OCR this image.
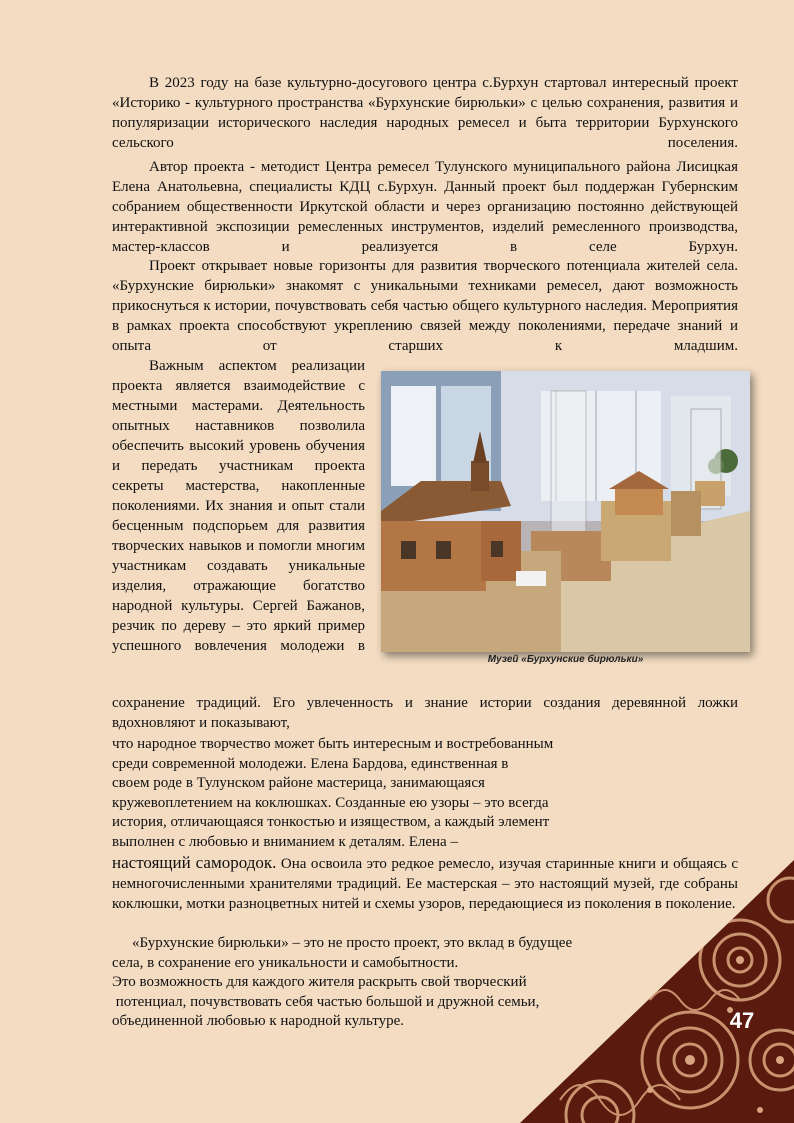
В 2023 году на базе культурно-досугового центра с.Бурхун стартовал интересный проект «Историко - культурного пространства «Бурхунские бирюльки» с целью сохранения, развития и популяризации исторического наследия народных ремесел и быта территории Бурхунского сельского поселения.

Автор проекта - методист Центра ремесел Тулунского муниципального района Лисицкая Елена Анатольевна, специалисты КДЦ с.Бурхун. Данный проект был поддержан Губернским собранием общественности Иркутской области и через организацию постоянно действующей интерактивной экспозиции ремесленных инструментов, изделий ремесленного производства, мастер-классов и реализуется в селе Бурхун.

Проект открывает новые горизонты для развития творческого потенциала жителей села. «Бурхунские бирюльки» знакомят с уникальными техниками ремесел, дают возможность прикоснуться к истории, почувствовать себя частью общего культурного наследия. Мероприятия в рамках проекта способствуют укреплению связей между поколениями, передаче знаний и опыта от старших к младшим.

Важным аспектом реализации проекта является взаимодействие с местными мастерами. Деятельность опытных наставников позволила обеспечить высокий уровень обучения и передать участникам проекта секреты мастерства, накопленные поколениями. Их знания и опыт стали бесценным подспорьем для развития творческих навыков и помогли многим участникам создавать уникальные изделия, отражающие богатство народной культуры. Сергей Бажанов, резчик по дереву – это яркий пример успешного вовлечения молодежи в

сохранение традиций. Его увлеченность и знание истории создания деревянной ложки вдохновляют и показывают,

что народное творчество может быть интересным и востребованным
среди современной молодежи. Елена Бардова, единственная в
своем роде в Тулунском районе мастерица, занимающаяся
кружевоплетением на коклюшках. Созданные ею узоры – это всегда
история, отличающаяся тонкостью и изяществом, а каждый элемент
выполнен с любовью и вниманием к деталям. Елена –

настоящий самородок. Она освоила это редкое ремесло, изучая старинные книги и общаясь с немногочисленными хранителями традиций. Ее мастерская – это настоящий музей, где собраны коклюшки, мотки разноцветных нитей и схемы узоров, передающиеся из поколения в поколение.

«Бурхунские бирюльки» – это не просто проект, это вклад в будущее
села, в сохранение его уникальности и самобытности.
Это возможность для каждого жителя раскрыть свой творческий
потенциал, почувствовать себя частью большой и дружной семьи,
объединенной любовью к народной культуре.
Музей «Бурхунские бирюльки»
47
